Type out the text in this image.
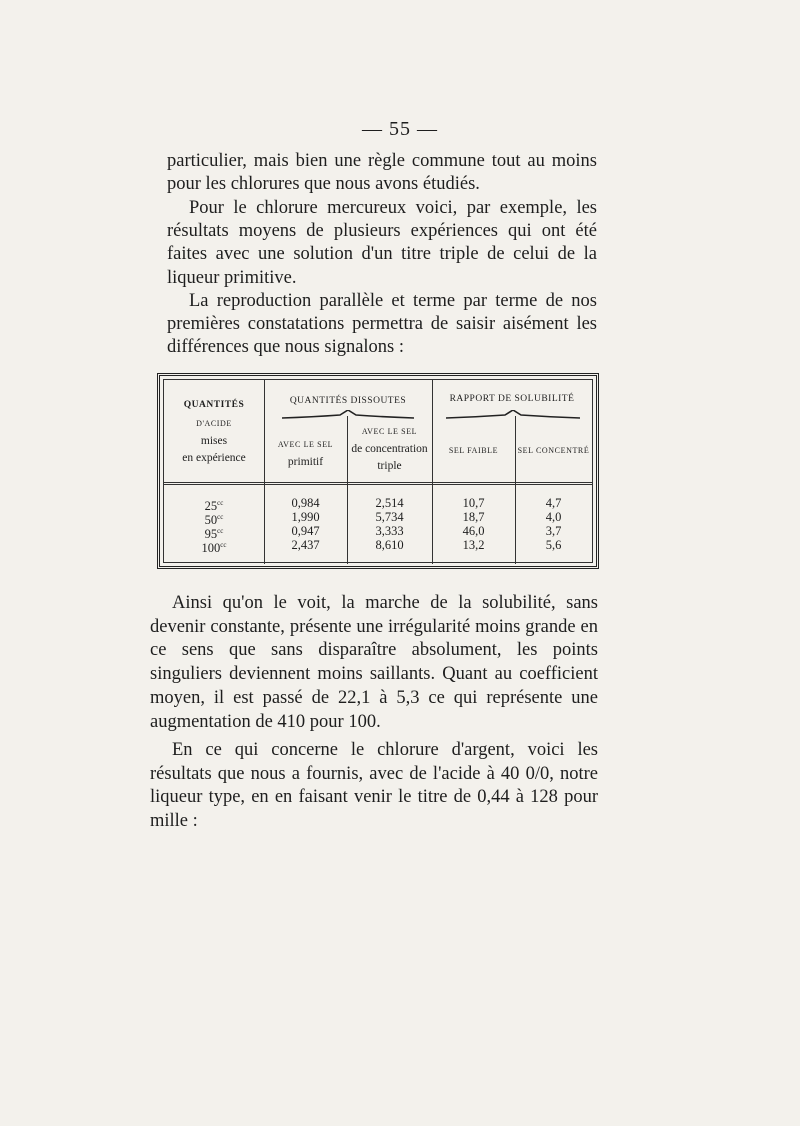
— 55 —

particulier, mais bien une règle commune tout au moins pour les chlorures que nous avons étudiés.

Pour le chlorure mercureux voici, par exemple, les résultats moyens de plusieurs expériences qui ont été faites avec une solution d'un titre triple de celui de la liqueur primitive.

La reproduction parallèle et terme par terme de nos premières constatations permettra de saisir aisément les différences que nous signalons :

QUANTITÉS
D'ACIDE
mises
en expérience
QUANTITÉS DISSOUTES
AVEC LE SEL
primitif
AVEC LE SEL
de concentration
triple
RAPPORT DE SOLUBILITÉ
SEL FAIBLE	SEL CONCENTRÉ
$25^{cc}$	0,984	2,514	10,7	4,7
$50^{cc}$	1,990	5,734	18,7	4,0
$95^{cc}$	0,947	3,333	46,0	3,7
$100^{cc}$	2,437	8,610	13,2	5,6

Ainsi qu'on le voit, la marche de la solubilité, sans devenir constante, présente une irrégularité moins grande en ce sens que sans disparaître absolument, les points singuliers deviennent moins saillants. Quant au coefficient moyen, il est passé de 22,1 à 5,3 ce qui représente une augmentation de 410 pour 100.

En ce qui concerne le chlorure d'argent, voici les résultats que nous a fournis, avec de l'acide à 40 0/0, notre liqueur type, en en faisant venir le titre de 0,44 à 128 pour mille :
